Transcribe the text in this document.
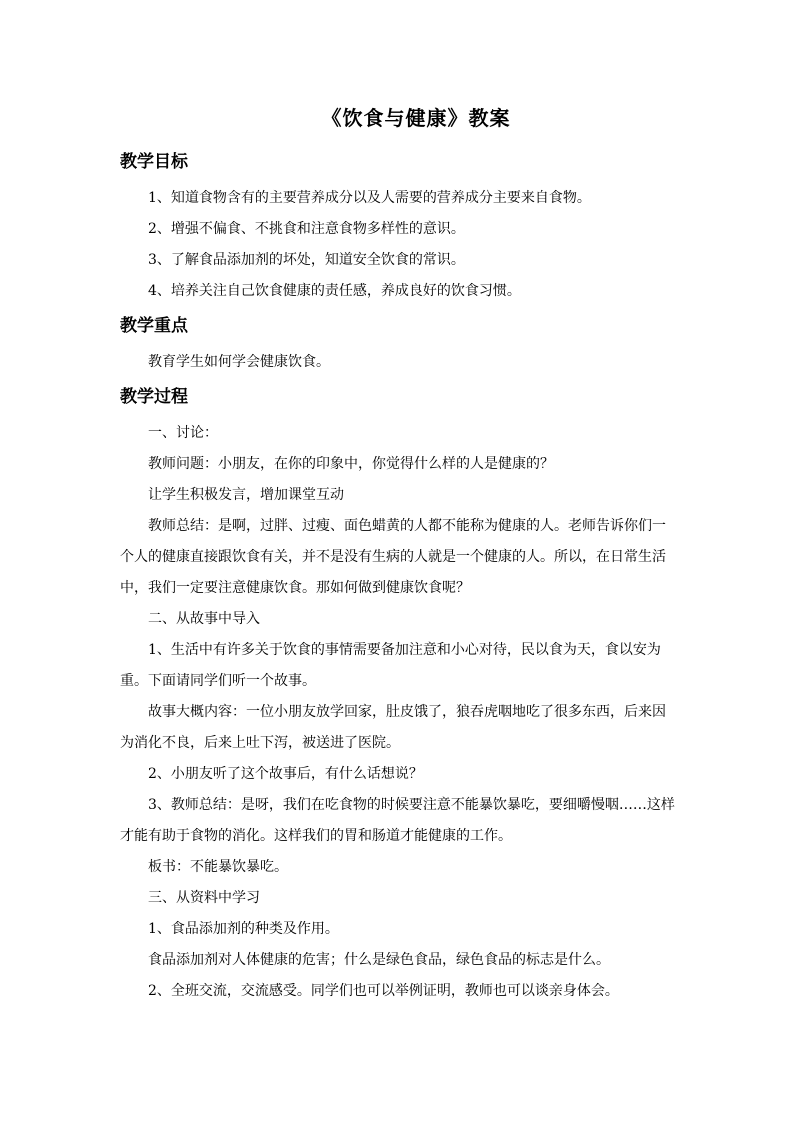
《饮食与健康》教案
教学目标

1、知道食物含有的主要营养成分以及人需要的营养成分主要来自食物。

2、增强不偏食、不挑食和注意食物多样性的意识。

3、了解食品添加剂的坏处，知道安全饮食的常识。

4、培养关注自己饮食健康的责任感，养成良好的饮食习惯。

教学重点

教育学生如何学会健康饮食。

教学过程

一、讨论：

教师问题：小朋友，在你的印象中，你觉得什么样的人是健康的？

让学生积极发言，增加课堂互动

教师总结：是啊，过胖、过瘦、面色蜡黄的人都不能称为健康的人。老师告诉你们一个人的健康直接跟饮食有关，并不是没有生病的人就是一个健康的人。所以，在日常生活中，我们一定要注意健康饮食。那如何做到健康饮食呢？

二、从故事中导入

1、生活中有许多关于饮食的事情需要备加注意和小心对待，民以食为天，食以安为重。下面请同学们听一个故事。

故事大概内容：一位小朋友放学回家，肚皮饿了，狼吞虎咽地吃了很多东西，后来因为消化不良，后来上吐下泻，被送进了医院。

2、小朋友听了这个故事后，有什么话想说？

3、教师总结：是呀，我们在吃食物的时候要注意不能暴饮暴吃，要细嚼慢咽……这样才能有助于食物的消化。这样我们的胃和肠道才能健康的工作。

板书：不能暴饮暴吃。

三、从资料中学习

1、食品添加剂的种类及作用。

食品添加剂对人体健康的危害；什么是绿色食品，绿色食品的标志是什么。

2、全班交流，交流感受。同学们也可以举例证明，教师也可以谈亲身体会。
